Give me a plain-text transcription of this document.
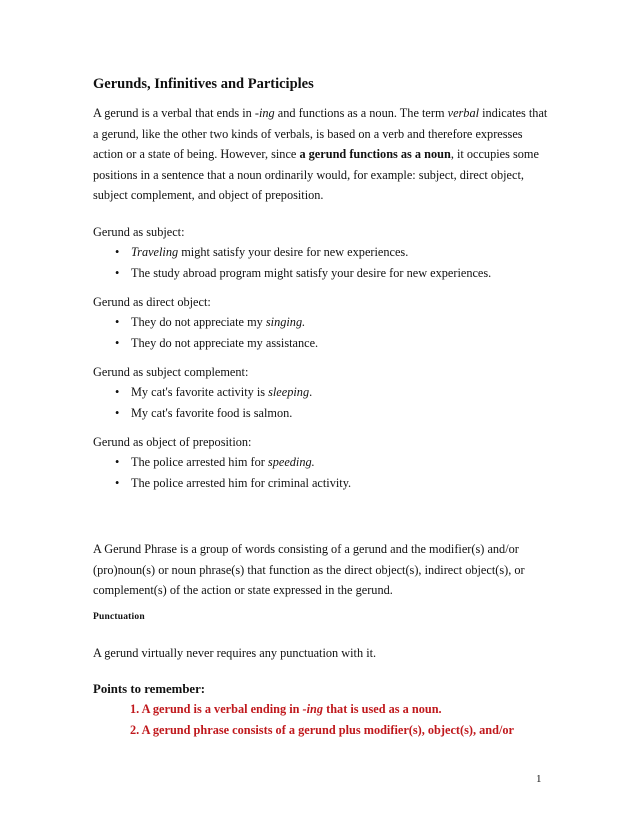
Gerunds, Infinitives and Participles

A gerund is a verbal that ends in -ing and functions as a noun. The term verbal indicates that a gerund, like the other two kinds of verbals, is based on a verb and therefore expresses action or a state of being. However, since a gerund functions as a noun, it occupies some positions in a sentence that a noun ordinarily would, for example: subject, direct object, subject complement, and object of preposition.

Gerund as subject:

• Traveling might satisfy your desire for new experiences.
• The study abroad program might satisfy your desire for new experiences.

Gerund as direct object:

• They do not appreciate my singing.
• They do not appreciate my assistance.

Gerund as subject complement:

• My cat's favorite activity is sleeping.
• My cat's favorite food is salmon.

Gerund as object of preposition:

• The police arrested him for speeding.
• The police arrested him for criminal activity.

A Gerund Phrase is a group of words consisting of a gerund and the modifier(s) and/or (pro)noun(s) or noun phrase(s) that function as the direct object(s), indirect object(s), or complement(s) of the action or state expressed in the gerund.

Punctuation

A gerund virtually never requires any punctuation with it.

Points to remember:

1. A gerund is a verbal ending in -ing that is used as a noun.
2. A gerund phrase consists of a gerund plus modifier(s), object(s), and/or
1
